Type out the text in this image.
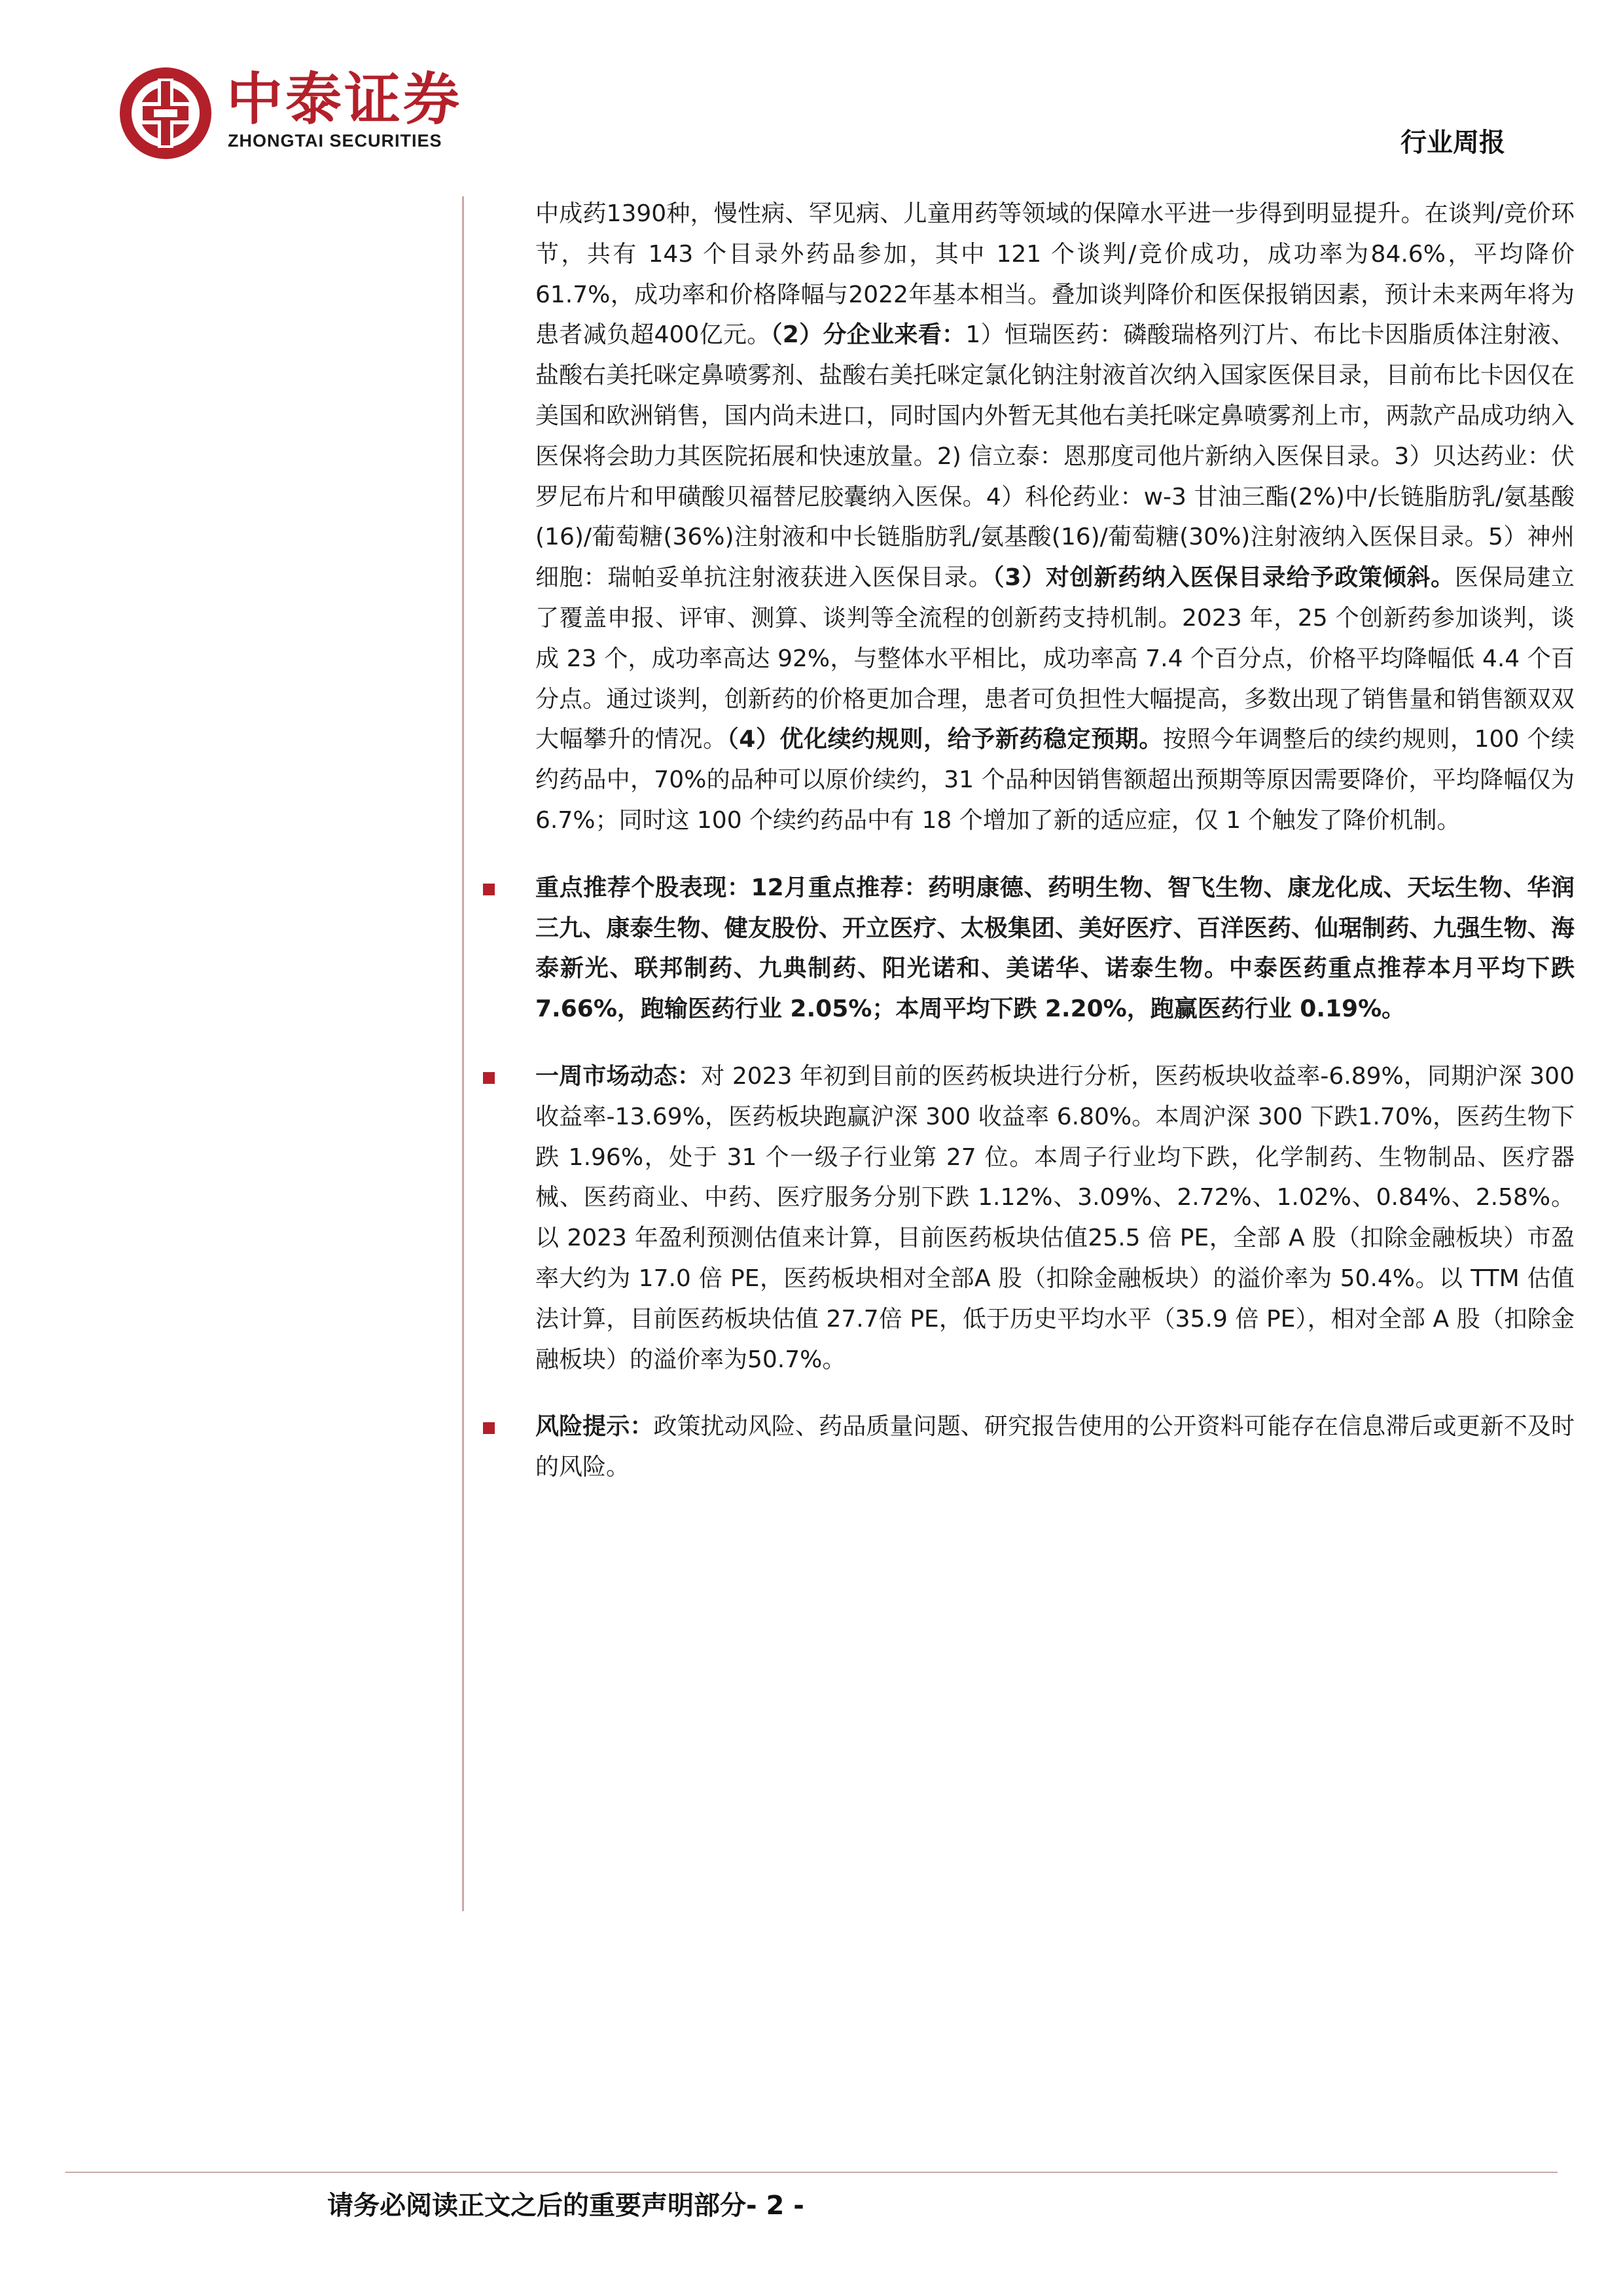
中泰证券
ZHONGTAI SECURITIES	行业周报

中成药1390种，慢性病、罕见病、儿童用药等领域的保障水平进一步得到明显提升。在谈判/竞价环节，共有 143 个目录外药品参加，其中 121 个谈判/竞价成功，成功率为84.6%，平均降价61.7%，成功率和价格降幅与2022年基本相当。叠加谈判降价和医保报销因素，预计未来两年将为患者减负超400亿元。（2）分企业来看：1）恒瑞医药：磷酸瑞格列汀片、布比卡因脂质体注射液、盐酸右美托咪定鼻喷雾剂、盐酸右美托咪定氯化钠注射液首次纳入国家医保目录，目前布比卡因仅在美国和欧洲销售，国内尚未进口，同时国内外暂无其他右美托咪定鼻喷雾剂上市，两款产品成功纳入医保将会助力其医院拓展和快速放量。2) 信立泰：恩那度司他片新纳入医保目录。3）贝达药业：伏罗尼布片和甲磺酸贝福替尼胶囊纳入医保。4）科伦药业：w-3 甘油三酯(2%)中/长链脂肪乳/氨基酸(16)/葡萄糖(36%)注射液和中长链脂肪乳/氨基酸(16)/葡萄糖(30%)注射液纳入医保目录。5）神州细胞：瑞帕妥单抗注射液获进入医保目录。（3）对创新药纳入医保目录给予政策倾斜。医保局建立了覆盖申报、评审、测算、谈判等全流程的创新药支持机制。2023 年，25 个创新药参加谈判，谈成 23 个，成功率高达 92%，与整体水平相比，成功率高 7.4 个百分点，价格平均降幅低 4.4 个百分点。通过谈判，创新药的价格更加合理，患者可负担性大幅提高，多数出现了销售量和销售额双双大幅攀升的情况。（4）优化续约规则，给予新药稳定预期。按照今年调整后的续约规则，100 个续约药品中，70%的品种可以原价续约，31 个品种因销售额超出预期等原因需要降价，平均降幅仅为 6.7%；同时这 100 个续约药品中有 18 个增加了新的适应症，仅 1 个触发了降价机制。

重点推荐个股表现：12月重点推荐：药明康德、药明生物、智飞生物、康龙化成、天坛生物、华润三九、康泰生物、健友股份、开立医疗、太极集团、美好医疗、百洋医药、仙琚制药、九强生物、海泰新光、联邦制药、九典制药、阳光诺和、美诺华、诺泰生物。中泰医药重点推荐本月平均下跌 7.66%，跑输医药行业 2.05%；本周平均下跌 2.20%，跑赢医药行业 0.19%。

一周市场动态：对 2023 年初到目前的医药板块进行分析，医药板块收益率-6.89%，同期沪深 300 收益率-13.69%，医药板块跑赢沪深 300 收益率 6.80%。本周沪深 300 下跌1.70%，医药生物下跌 1.96%，处于 31 个一级子行业第 27 位。本周子行业均下跌，化学制药、生物制品、医疗器械、医药商业、中药、医疗服务分别下跌 1.12%、3.09%、2.72%、1.02%、0.84%、2.58%。以 2023 年盈利预测估值来计算，目前医药板块估值25.5 倍 PE，全部 A 股（扣除金融板块）市盈率大约为 17.0 倍 PE，医药板块相对全部A 股（扣除金融板块）的溢价率为 50.4%。以 TTM 估值法计算，目前医药板块估值 27.7倍 PE，低于历史平均水平（35.9 倍 PE），相对全部 A 股（扣除金融板块）的溢价率为50.7%。

风险提示：政策扰动风险、药品质量问题、研究报告使用的公开资料可能存在信息滞后或更新不及时的风险。

请务必阅读正文之后的重要声明部分- 2 -
